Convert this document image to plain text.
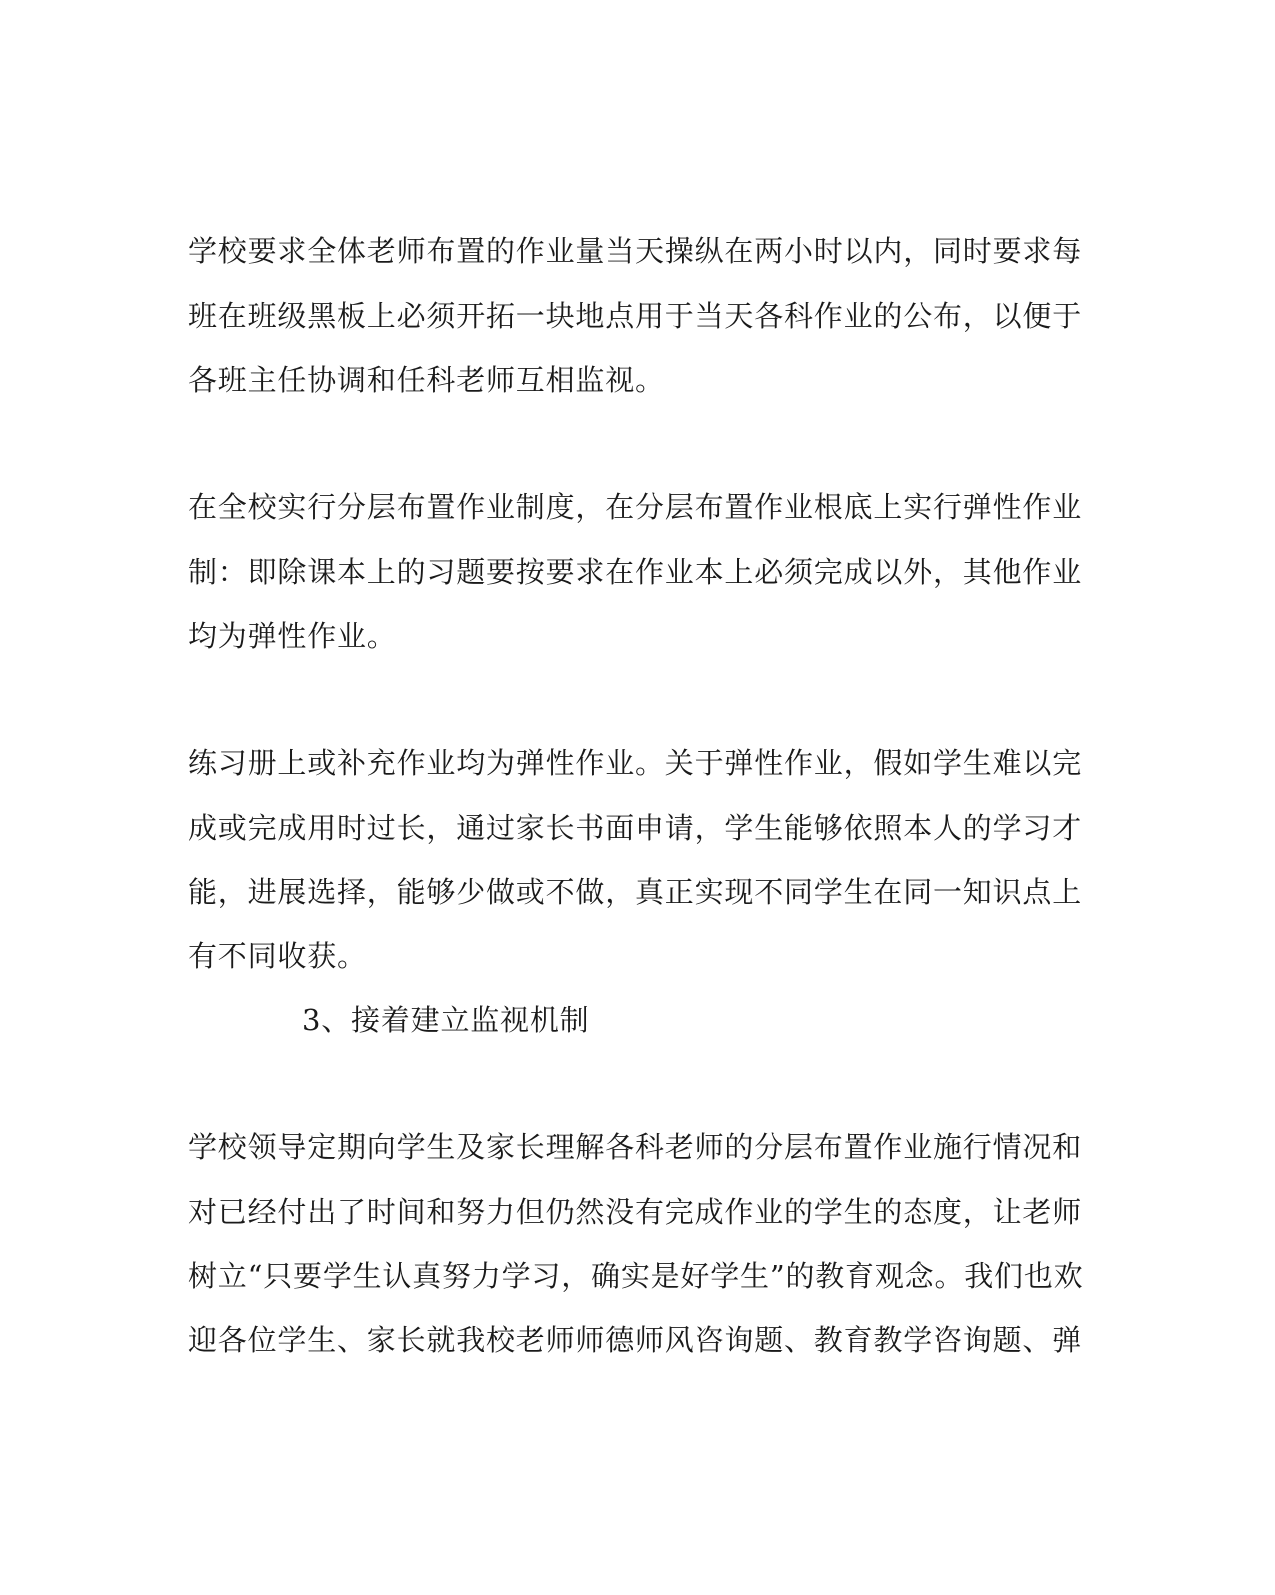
学校要求全体老师布置的作业量当天操纵在两小时以内，同时要求每
班在班级黑板上必须开拓一块地点用于当天各科作业的公布，以便于
各班主任协调和任科老师互相监视。
在全校实行分层布置作业制度，在分层布置作业根底上实行弹性作业
制：即除课本上的习题要按要求在作业本上必须完成以外，其他作业
均为弹性作业。
练习册上或补充作业均为弹性作业。关于弹性作业，假如学生难以完
成或完成用时过长，通过家长书面申请，学生能够依照本人的学习才
能，进展选择，能够少做或不做，真正实现不同学生在同一知识点上
有不同收获。
3、接着建立监视机制
学校领导定期向学生及家长理解各科老师的分层布置作业施行情况和
对已经付出了时间和努力但仍然没有完成作业的学生的态度，让老师
树立“只要学生认真努力学习，确实是好学生”的教育观念。我们也欢
迎各位学生、家长就我校老师师德师风咨询题、教育教学咨询题、弹
